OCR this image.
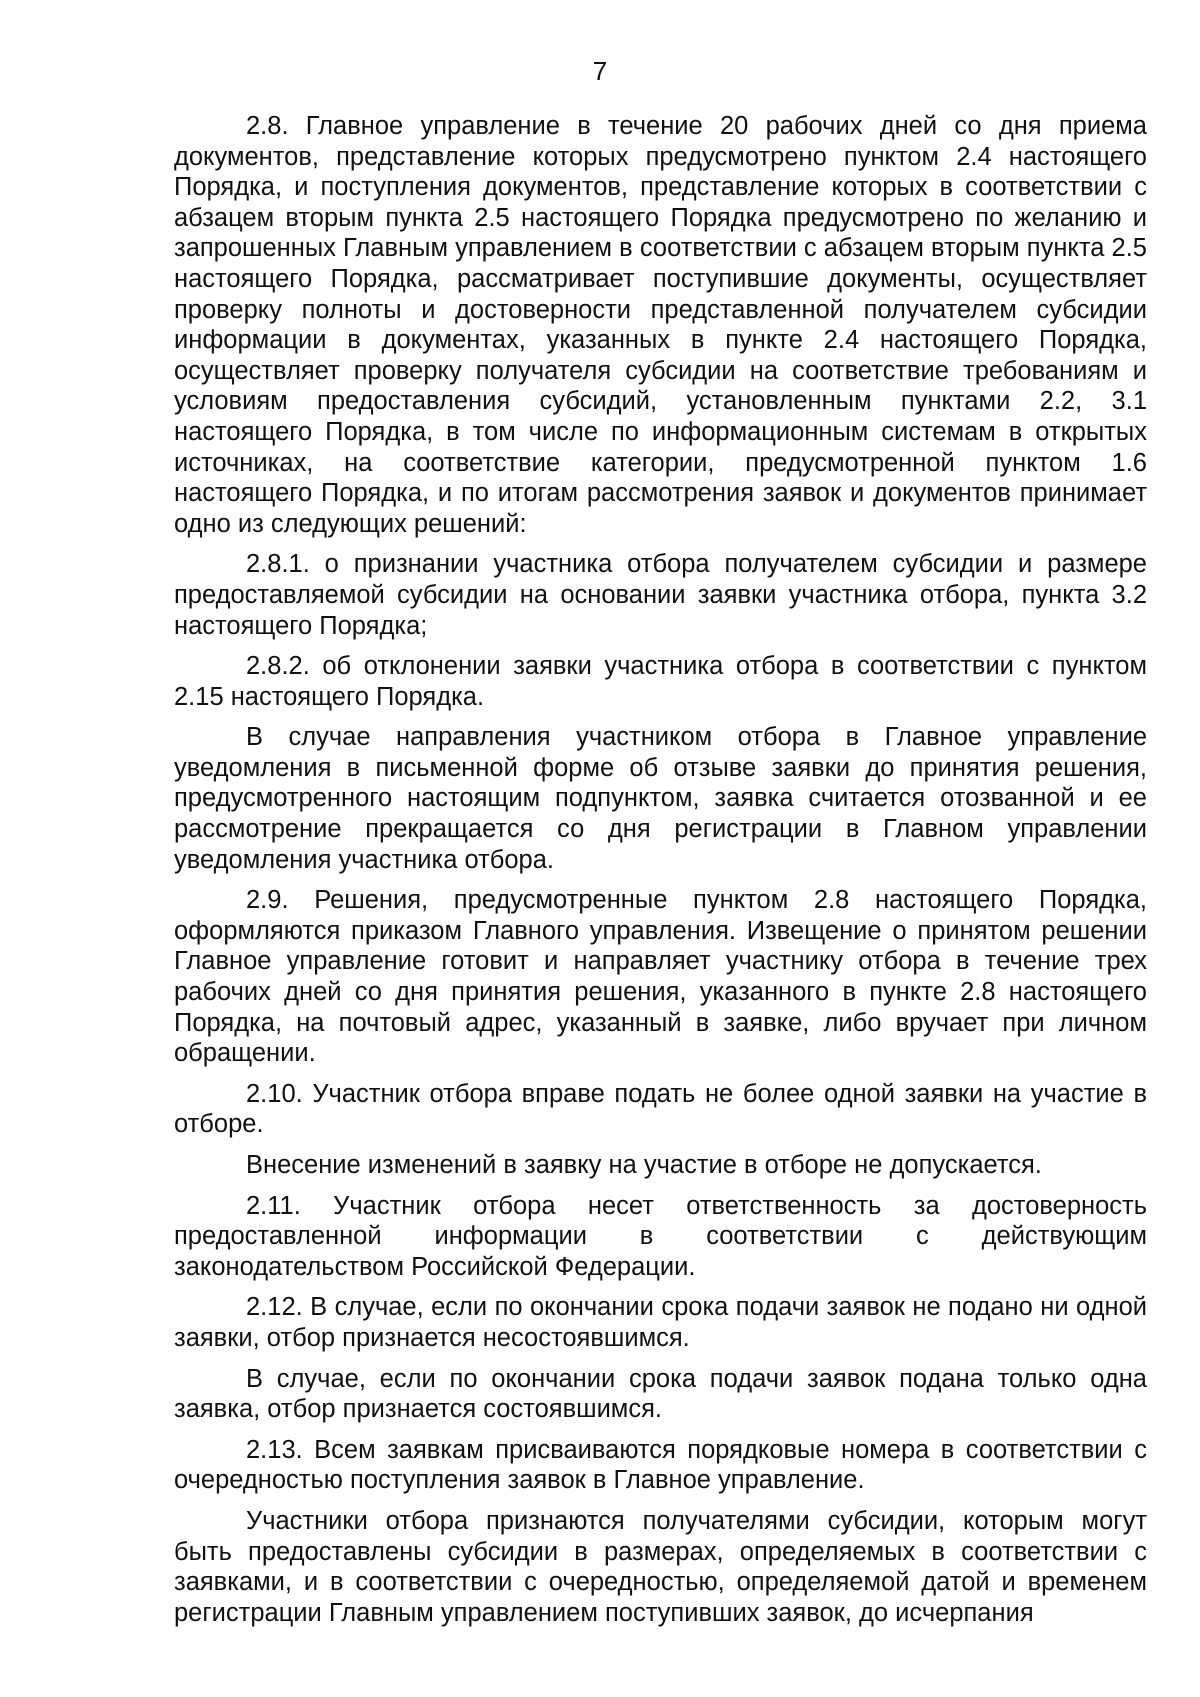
7

2.8. Главное управление в течение 20 рабочих дней со дня приема документов, представление которых предусмотрено пунктом 2.4 настоящего Порядка, и поступления документов, представление которых в соответствии с абзацем вторым пункта 2.5 настоящего Порядка предусмотрено по желанию и запрошенных Главным управлением в соответствии с абзацем вторым пункта 2.5 настоящего Порядка, рассматривает поступившие документы, осуществляет проверку полноты и достоверности представленной получателем субсидии информации в документах, указанных в пункте 2.4 настоящего Порядка, осуществляет проверку получателя субсидии на соответствие требованиям и условиям предоставления субсидий, установленным пунктами 2.2, 3.1 настоящего Порядка, в том числе по информационным системам в открытых источниках, на соответствие категории, предусмотренной пунктом 1.6 настоящего Порядка, и по итогам рассмотрения заявок и документов принимает одно из следующих решений:

2.8.1. о признании участника отбора получателем субсидии и размере предоставляемой субсидии на основании заявки участника отбора, пункта 3.2 настоящего Порядка;

2.8.2. об отклонении заявки участника отбора в соответствии с пунктом 2.15 настоящего Порядка.

В случае направления участником отбора в Главное управление уведомления в письменной форме об отзыве заявки до принятия решения, предусмотренного настоящим подпунктом, заявка считается отозванной и ее рассмотрение прекращается со дня регистрации в Главном управлении уведомления участника отбора.

2.9. Решения, предусмотренные пунктом 2.8 настоящего Порядка, оформляются приказом Главного управления. Извещение о принятом решении Главное управление готовит и направляет участнику отбора в течение трех рабочих дней со дня принятия решения, указанного в пункте 2.8 настоящего Порядка, на почтовый адрес, указанный в заявке, либо вручает при личном обращении.

2.10. Участник отбора вправе подать не более одной заявки на участие в отборе.

Внесение изменений в заявку на участие в отборе не допускается.

2.11. Участник отбора несет ответственность за достоверность предоставленной информации в соответствии с действующим законодательством Российской Федерации.

2.12. В случае, если по окончании срока подачи заявок не подано ни одной заявки, отбор признается несостоявшимся.

В случае, если по окончании срока подачи заявок подана только одна заявка, отбор признается состоявшимся.

2.13. Всем заявкам присваиваются порядковые номера в соответствии с очередностью поступления заявок в Главное управление.

Участники отбора признаются получателями субсидии, которым могут быть предоставлены субсидии в размерах, определяемых в соответствии с заявками, и в соответствии с очередностью, определяемой датой и временем регистрации Главным управлением поступивших заявок, до исчерпания
